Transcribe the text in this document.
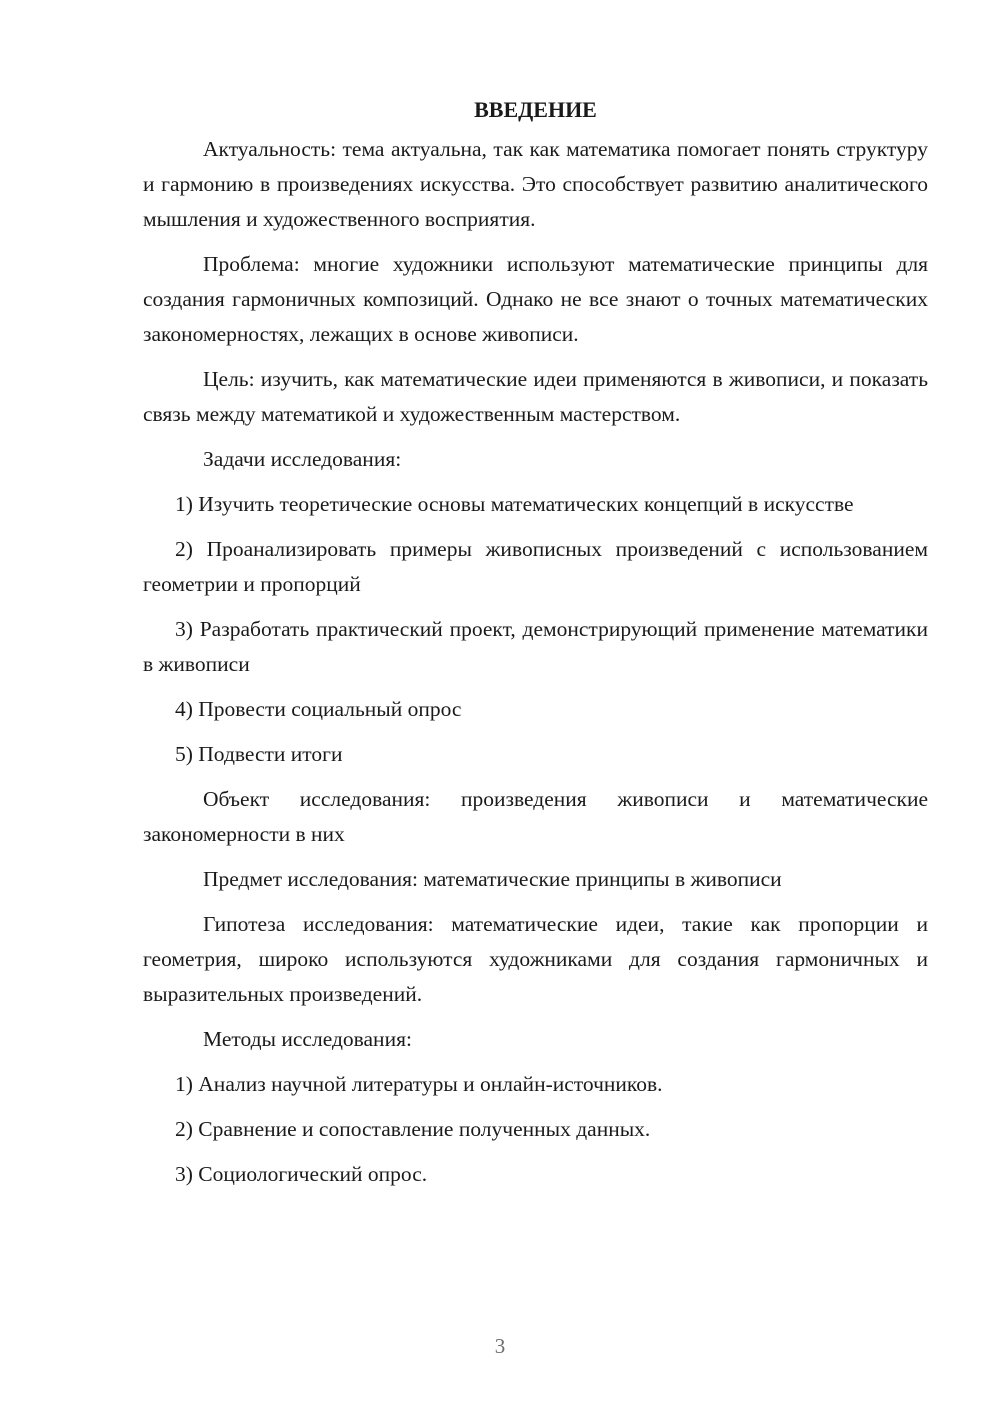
ВВЕДЕНИЕ

Актуальность: тема актуальна, так как математика помогает понять структуру и гармонию в произведениях искусства. Это способствует развитию аналитического мышления и художественного восприятия.

Проблема: многие художники используют математические принципы для создания гармоничных композиций. Однако не все знают о точных математических закономерностях, лежащих в основе живописи.

Цель: изучить, как математические идеи применяются в живописи, и показать связь между математикой и художественным мастерством.

Задачи исследования:

1) Изучить теоретические основы математических концепций в искусстве

2) Проанализировать примеры живописных произведений с использованием геометрии и пропорций

3) Разработать практический проект, демонстрирующий применение математики в живописи

4) Провести социальный опрос

5) Подвести итоги

Объект исследования: произведения живописи и математические закономерности в них

Предмет исследования: математические принципы в живописи

Гипотеза исследования: математические идеи, такие как пропорции и геометрия, широко используются художниками для создания гармоничных и выразительных произведений.

Методы исследования:

1) Анализ научной литературы и онлайн-источников.

2) Сравнение и сопоставление полученных данных.

3) Социологический опрос.

3
